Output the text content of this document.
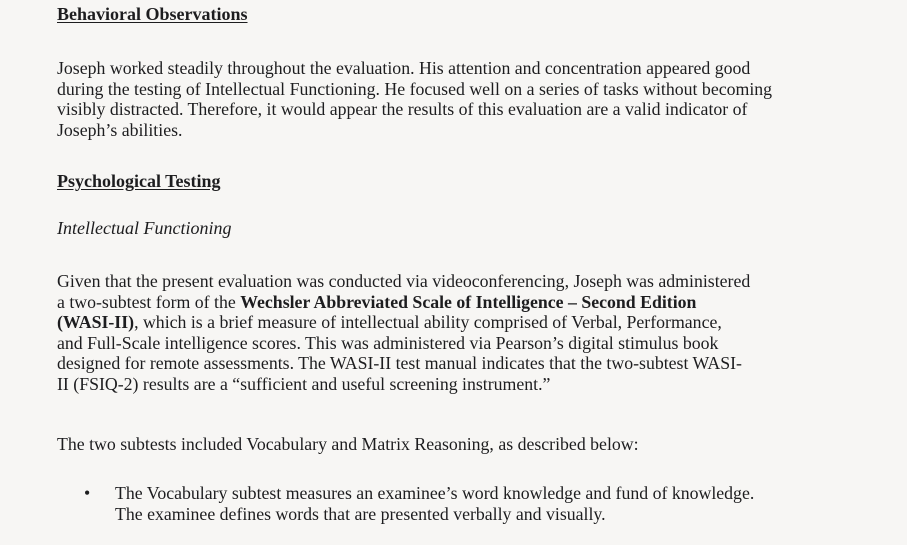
Behavioral Observations

Joseph worked steadily throughout the evaluation. His attention and concentration appeared good
during the testing of Intellectual Functioning. He focused well on a series of tasks without becoming
visibly distracted. Therefore, it would appear the results of this evaluation are a valid indicator of
Joseph’s abilities.

Psychological Testing
Intellectual Functioning

Given that the present evaluation was conducted via videoconferencing, Joseph was administered
a two-subtest form of the Wechsler Abbreviated Scale of Intelligence – Second Edition
(WASI-II), which is a brief measure of intellectual ability comprised of Verbal, Performance,
and Full-Scale intelligence scores. This was administered via Pearson’s digital stimulus book
designed for remote assessments. The WASI-II test manual indicates that the two-subtest WASI-
II (FSIQ-2) results are a “sufficient and useful screening instrument.”

The two subtests included Vocabulary and Matrix Reasoning, as described below:

• The Vocabulary subtest measures an examinee’s word knowledge and fund of knowledge.
The examinee defines words that are presented verbally and visually.
